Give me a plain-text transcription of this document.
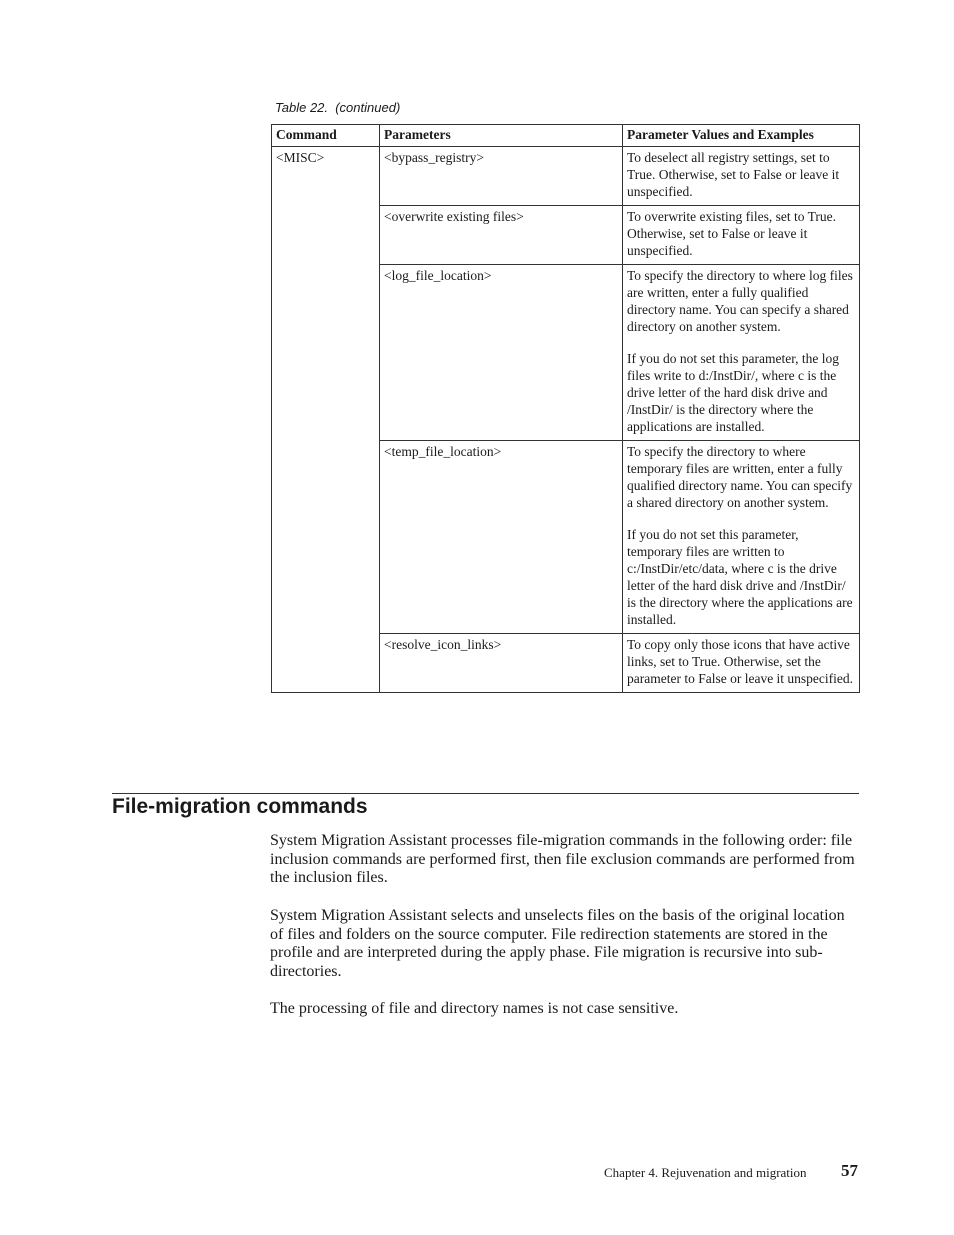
Table 22.  (continued)
Command	Parameters	Parameter Values and Examples
<MISC>	<bypass_registry>	To deselect all registry settings, set to True. Otherwise, set to False or leave it unspecified.

	<overwrite existing files>	To overwrite existing files, set to True. Otherwise, set to False or leave it unspecified.

	<log_file_location>	To specify the directory to where log files are written, enter a fully qualified directory name. You can specify a shared directory on another system.
If you do not set this parameter, the log files write to d:/InstDir/, where c is the drive letter of the hard disk drive and /InstDir/ is the directory where the applications are installed.

	<temp_file_location>	To specify the directory to where temporary files are written, enter a fully qualified directory name. You can specify a shared directory on another system.
If you do not set this parameter, temporary files are written to c:/InstDir/etc/data, where c is the drive letter of the hard disk drive and /InstDir/ is the directory where the applications are installed.

	<resolve_icon_links>	To copy only those icons that have active links, set to True. Otherwise, set the parameter to False or leave it unspecified.
File-migration commands

System Migration Assistant processes file-migration commands in the following order: file inclusion commands are performed first, then file exclusion commands are performed from the inclusion files.

System Migration Assistant selects and unselects files on the basis of the original location of files and folders on the source computer. File redirection statements are stored in the profile and are interpreted during the apply phase. File migration is recursive into sub-directories.

The processing of file and directory names is not case sensitive.

Chapter 4. Rejuvenation and migration 57
